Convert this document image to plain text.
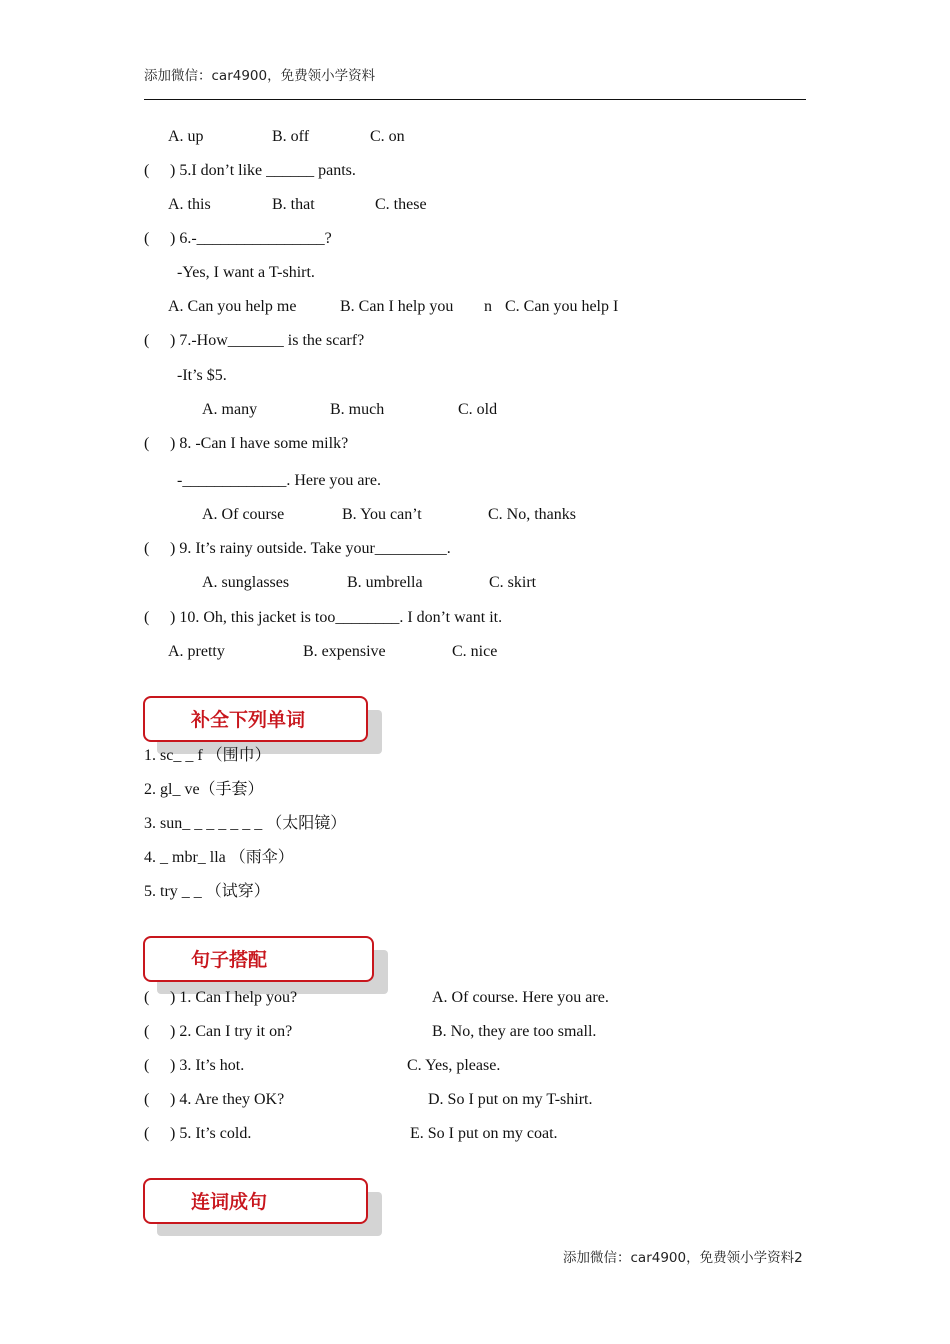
添加微信：car4900，免费领小学资料
A. up	B. off	C. on
( ) 5.I don’t like ______ pants.
A. this	B. that	C. these
( ) 6.-________________?
-Yes, I want a T-shirt.
A. Can you help me	B. Can I help you n C. Can you help I
( ) 7.-How_______ is the scarf?
-It’s $5.
A. many	B. much	C. old
( ) 8. -Can I have some milk?
-_____________. Here you are.
A. Of course	B. You can’t	C. No, thanks
( ) 9. It’s rainy outside. Take your_________.
A. sunglasses	B. umbrella	C. skirt
( ) 10. Oh, this jacket is too________. I don’t want it.
A. pretty	B. expensive	C. nice
补全下列单词
1. sc_ _ f （围巾）
2. gl_ ve（手套）
3. sun_ _ _ _ _ _ _ （太阳镜）
4. _ mbr_ lla （雨伞）
5. try _ _ （试穿）
句子搭配
( ) 1. Can I help you?	A. Of course. Here you are.
( ) 2. Can I try it on?	B. No, they are too small.
( ) 3. It’s hot.	C. Yes, please.
( ) 4. Are they OK?	D. So I put on my T-shirt.
( ) 5. It’s cold.	E. So I put on my coat.
连词成句
添加微信：car4900，免费领小学资料2
